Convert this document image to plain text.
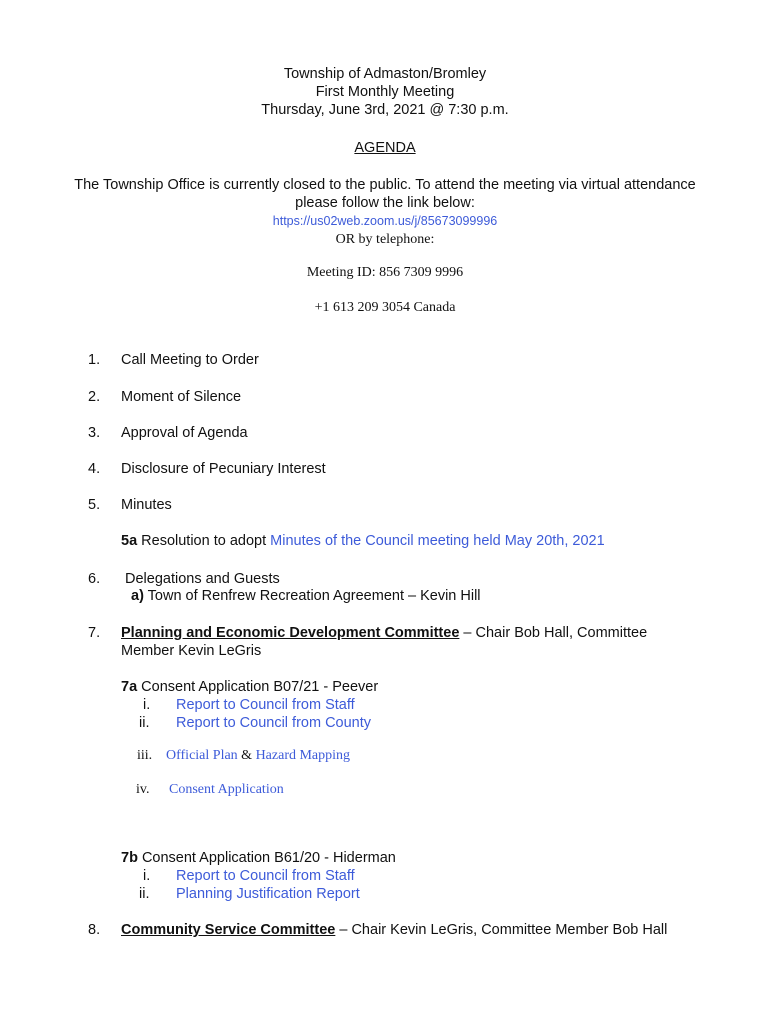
Township of Admaston/Bromley
First Monthly Meeting
Thursday, June 3rd, 2021 @ 7:30 p.m.
AGENDA
The Township Office is currently closed to the public. To attend the meeting via virtual attendance
please follow the link below:
https://us02web.zoom.us/j/85673099996
OR by telephone:
Meeting ID: 856 7309 9996
+1 613 209 3054 Canada
1. Call Meeting to Order
2. Moment of Silence
3. Approval of Agenda
4. Disclosure of Pecuniary Interest
5. Minutes
5a Resolution to adopt Minutes of the Council meeting held May 20th, 2021
6. Delegations and Guests
a) Town of Renfrew Recreation Agreement – Kevin Hill
7. Planning and Economic Development Committee – Chair Bob Hall, Committee
Member Kevin LeGris
7a Consent Application B07/21 - Peever
i. Report to Council from Staff
ii. Report to Council from County
iii. Official Plan & Hazard Mapping
iv. Consent Application
7b Consent Application B61/20 - Hiderman
i. Report to Council from Staff
ii. Planning Justification Report
8. Community Service Committee – Chair Kevin LeGris, Committee Member Bob Hall
